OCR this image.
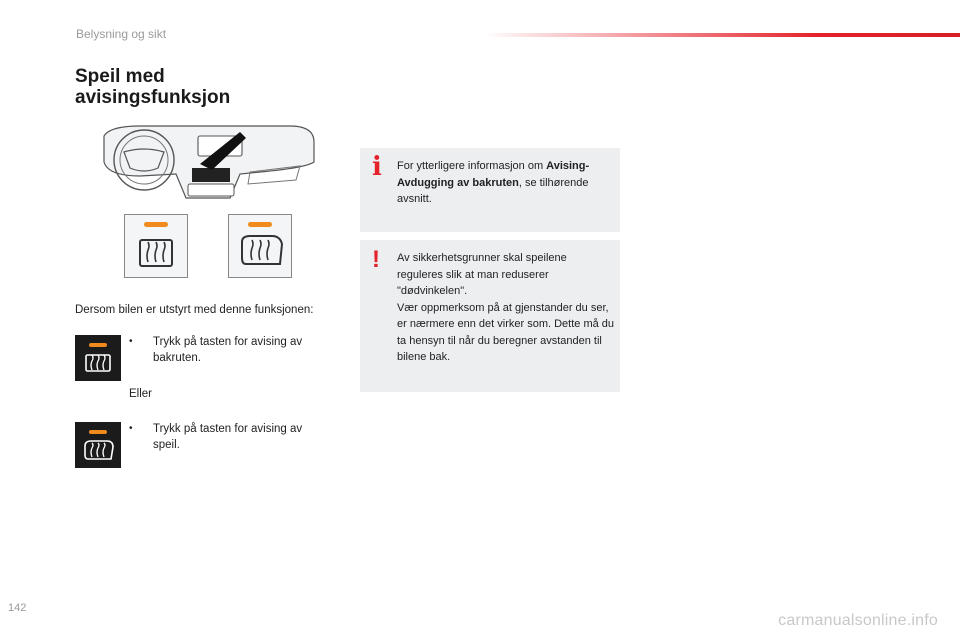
Belysning og sikt
Speil med
avisingsfunksjon
Dersom bilen er utstyrt med denne funksjonen:
•	Trykk på tasten for avising av bakruten.
Eller
•	Trykk på tasten for avising av speil.
i For ytterligere informasjon om Avising-Avdugging av bakruten, se tilhørende avsnitt.
! Av sikkerhetsgrunner skal speilene reguleres slik at man reduserer "dødvinkelen".
Vær oppmerksom på at gjenstander du ser, er nærmere enn det virker som. Dette må du ta hensyn til når du beregner avstanden til bilene bak.
142
carmanualsonline.info
